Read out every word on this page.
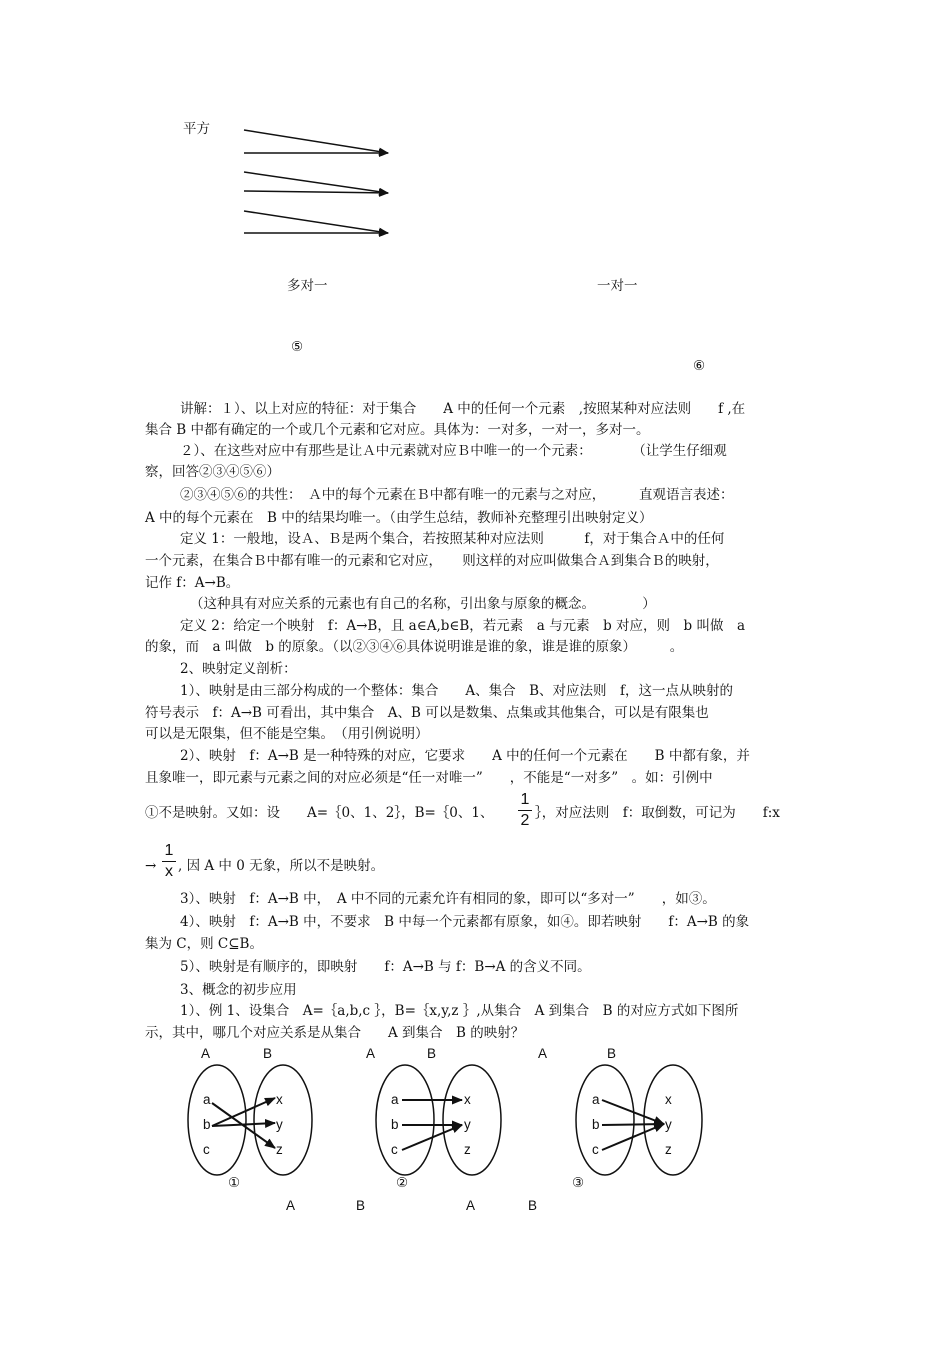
平方
多对一	一对一
⑤
⑥
讲解：１）、以上对应的特征：对于集合　　A 中的任何一个元素　,按照某种对应法则　　f ,在
集合 B 中都有确定的一个或几个元素和它对应。具体为：一对多，一对一，多对一。
２）、在这些对应中有那些是让Ａ中元素就对应Ｂ中唯一的一个元素：　　　　（让学生仔细观
察，回答②③④⑤⑥）
②③④⑤⑥的共性：　Ａ中的每个元素在Ｂ中都有唯一的元素与之对应，　　　直观语言表述：
A 中的每个元素在　B 中的结果均唯一。（由学生总结，教师补充整理引出映射定义）
定义 1：一般地，设Ａ、Ｂ是两个集合，若按照某种对应法则　　　f，对于集合Ａ中的任何
一个元素，在集合Ｂ中都有唯一的元素和它对应，　　则这样的对应叫做集合Ａ到集合Ｂ的映射，
记作 f：A→B。
（这种具有对应关系的元素也有自己的名称，引出象与原象的概念。　　　　）
定义 2：给定一个映射　f：A→B，且 a∈A,b∈B，若元素　a 与元素　b 对应，则　b 叫做　a
的象，而　a 叫做　b 的原象。（以②③④⑥具体说明谁是谁的象，谁是谁的原象）　　　。
2、映射定义剖析：
1）、映射是由三部分构成的一个整体：集合　　A、集合　B、对应法则　f，这一点从映射的
符号表示　f：A→B 可看出，其中集合　A、B 可以是数集、点集或其他集合，可以是有限集也
可以是无限集，但不能是空集。　（用引例说明）
2）、映射　f：A→B 是一种特殊的对应，它要求　　A 中的任何一个元素在　　B 中都有象，并
且象唯一，即元素与元素之间的对应必须是“任一对唯一”　　，不能是“一对多”　。如：引例中
①不是映射。又如：设　　A=｛0、1、2｝，B=｛0、1、
1
2 ｝，对应法则　f：取倒数，可记为　　f:x
→
1
x , 因 A 中 0 无象，所以不是映射。
3）、映射　f：A→B 中，　A 中不同的元素允许有相同的象，即可以“多对一”　　，如③。
4）、映射　f：A→B 中，不要求　B 中每一个元素都有原象，如④。即若映射　　f：A→B 的象
集为 C，则 C⊆B。
5）、映射是有顺序的，即映射　　f：A→B 与 f：B→A 的含义不同。
3、概念的初步应用
1）、例 1、设集合　A=｛a,b,c ｝，B=｛x,y,z ｝,从集合　A 到集合　B 的对应方式如下图所
示，其中，哪几个对应关系是从集合　　A 到集合　B 的映射？
A	B	A	B	A	B
a
b
c
x
y
z
a
b
c
x
y
z
a
b
c
x
y
z
①	②	③
A	B	A	B
